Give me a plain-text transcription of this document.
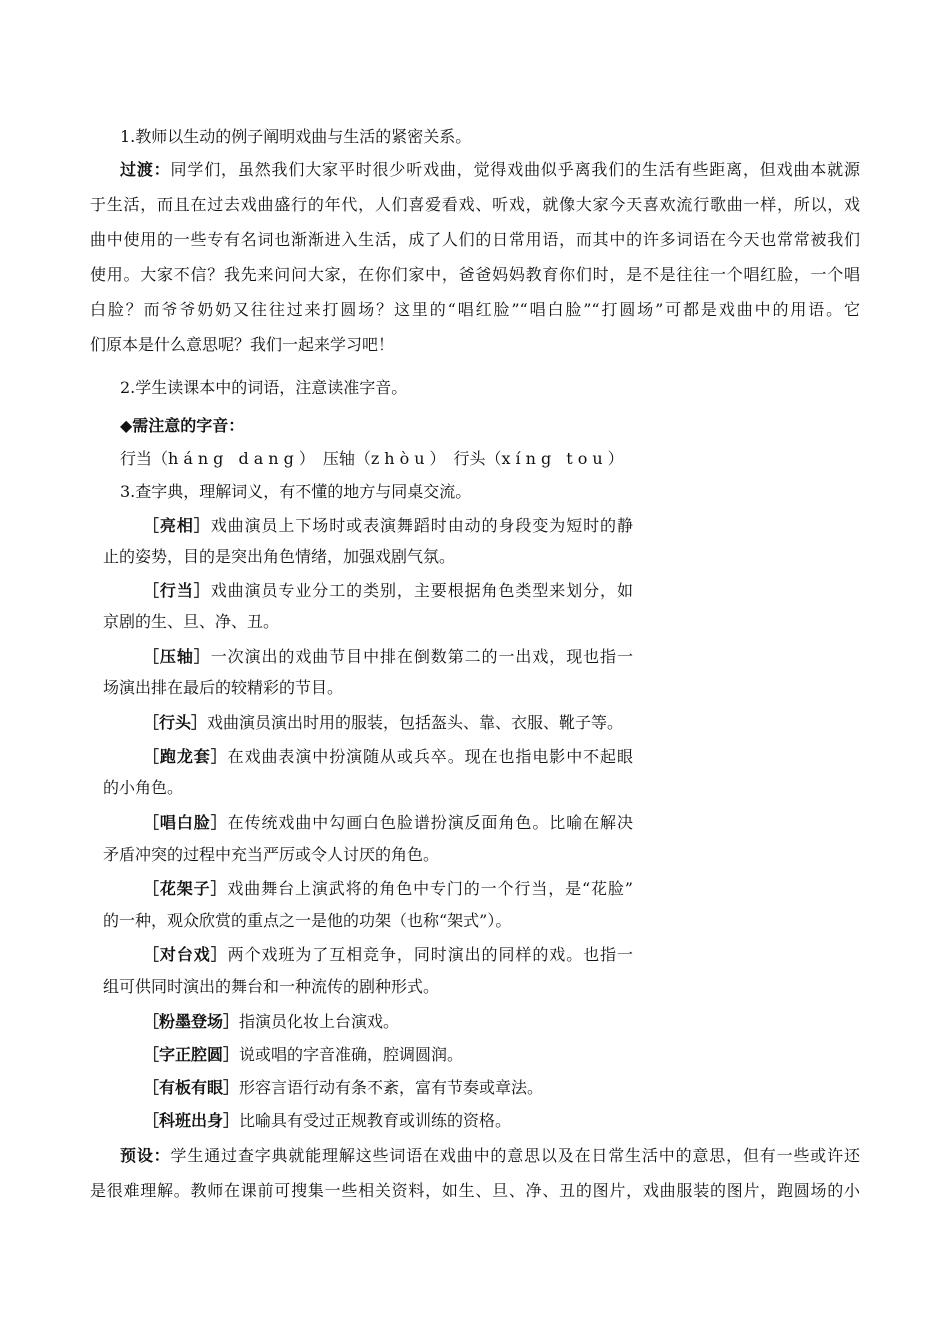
1.教师以生动的例子阐明戏曲与生活的紧密关系。
过渡：同学们，虽然我们大家平时很少听戏曲，觉得戏曲似乎离我们的生活有些距离，但戏曲本就源
于生活，而且在过去戏曲盛行的年代，人们喜爱看戏、听戏，就像大家今天喜欢流行歌曲一样，所以，戏
曲中使用的一些专有名词也渐渐进入生活，成了人们的日常用语，而其中的许多词语在今天也常常被我们
使用。大家不信？我先来问问大家，在你们家中，爸爸妈妈教育你们时，是不是往往一个唱红脸，一个唱
白脸？而爷爷奶奶又往往过来打圆场？这里的“唱红脸”“唱白脸”“打圆场”可都是戏曲中的用语。它
们原本是什么意思呢？我们一起来学习吧！
2.学生读课本中的词语，注意读准字音。
◆需注意的字音：
行当（háng dang）　压轴（zhòu）　行头（xíng tou）
3.查字典，理解词义，有不懂的地方与同桌交流。
［亮相］戏曲演员上下场时或表演舞蹈时由动的身段变为短时的静
止的姿势，目的是突出角色情绪，加强戏剧气氛。
［行当］戏曲演员专业分工的类别，主要根据角色类型来划分，如
京剧的生、旦、净、丑。
［压轴］一次演出的戏曲节目中排在倒数第二的一出戏，现也指一
场演出排在最后的较精彩的节目。
［行头］戏曲演员演出时用的服装，包括盔头、靠、衣服、靴子等。
［跑龙套］在戏曲表演中扮演随从或兵卒。现在也指电影中不起眼
的小角色。
［唱白脸］在传统戏曲中勾画白色脸谱扮演反面角色。比喻在解决
矛盾冲突的过程中充当严厉或令人讨厌的角色。
［花架子］戏曲舞台上演武将的角色中专门的一个行当，是“花脸”
的一种，观众欣赏的重点之一是他的功架（也称“架式”）。
［对台戏］两个戏班为了互相竞争，同时演出的同样的戏。也指一
组可供同时演出的舞台和一种流传的剧种形式。
［粉墨登场］指演员化妆上台演戏。
［字正腔圆］说或唱的字音准确，腔调圆润。
［有板有眼］形容言语行动有条不紊，富有节奏或章法。
［科班出身］比喻具有受过正规教育或训练的资格。
预设：学生通过查字典就能理解这些词语在戏曲中的意思以及在日常生活中的意思，但有一些或许还
是很难理解。教师在课前可搜集一些相关资料，如生、旦、净、丑的图片，戏曲服装的图片，跑圆场的小
